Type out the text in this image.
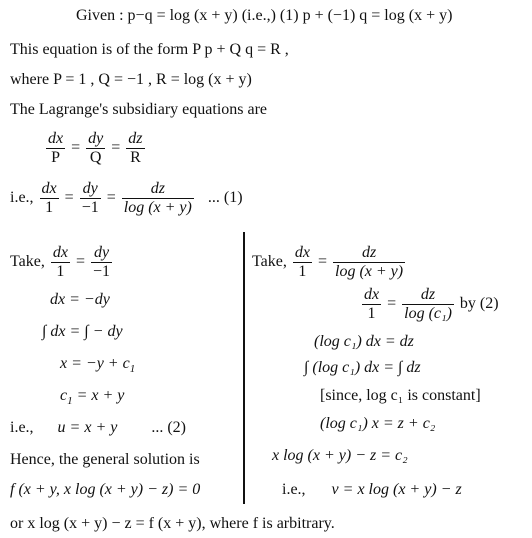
Given : p−q = log (x + y) (i.e.,) (1) p + (−1) q = log (x + y)
This equation is of the form P p + Q q = R ,
where P = 1 , Q = −1 , R = log (x + y)
The Lagrange's subsidiary equations are
$\frac{dx}{P} = \frac{dy}{Q} = \frac{dz}{R}$
i.e., $\frac{dx}{1} = \frac{dy}{-1} = \frac{dz}{\log (x + y)}$ ... (1)
Take, $\frac{dx}{1} = \frac{dy}{-1}$
dx = −dy
∫ dx = ∫ − dy
$x = -y + c_1$
$c_1 = x + y$
i.e., u = x + y ... (2)
Hence, the general solution is
f (x + y, x log (x + y) − z) = 0
Take, $\frac{dx}{1} = \frac{dz}{\log (x + y)}$
$\frac{dx}{1} = \frac{dz}{\text{log (c₁)}}$ by (2)
(log c₁) dx = dz
∫ (log c₁) dx = ∫ dz
[since, log c₁ is constant]
(log c₁) x = z + c₂
x log (x + y) − z = c₂
i.e., v = x log (x + y) − z
or x log (x + y) − z = f (x + y), where f is arbitrary.
